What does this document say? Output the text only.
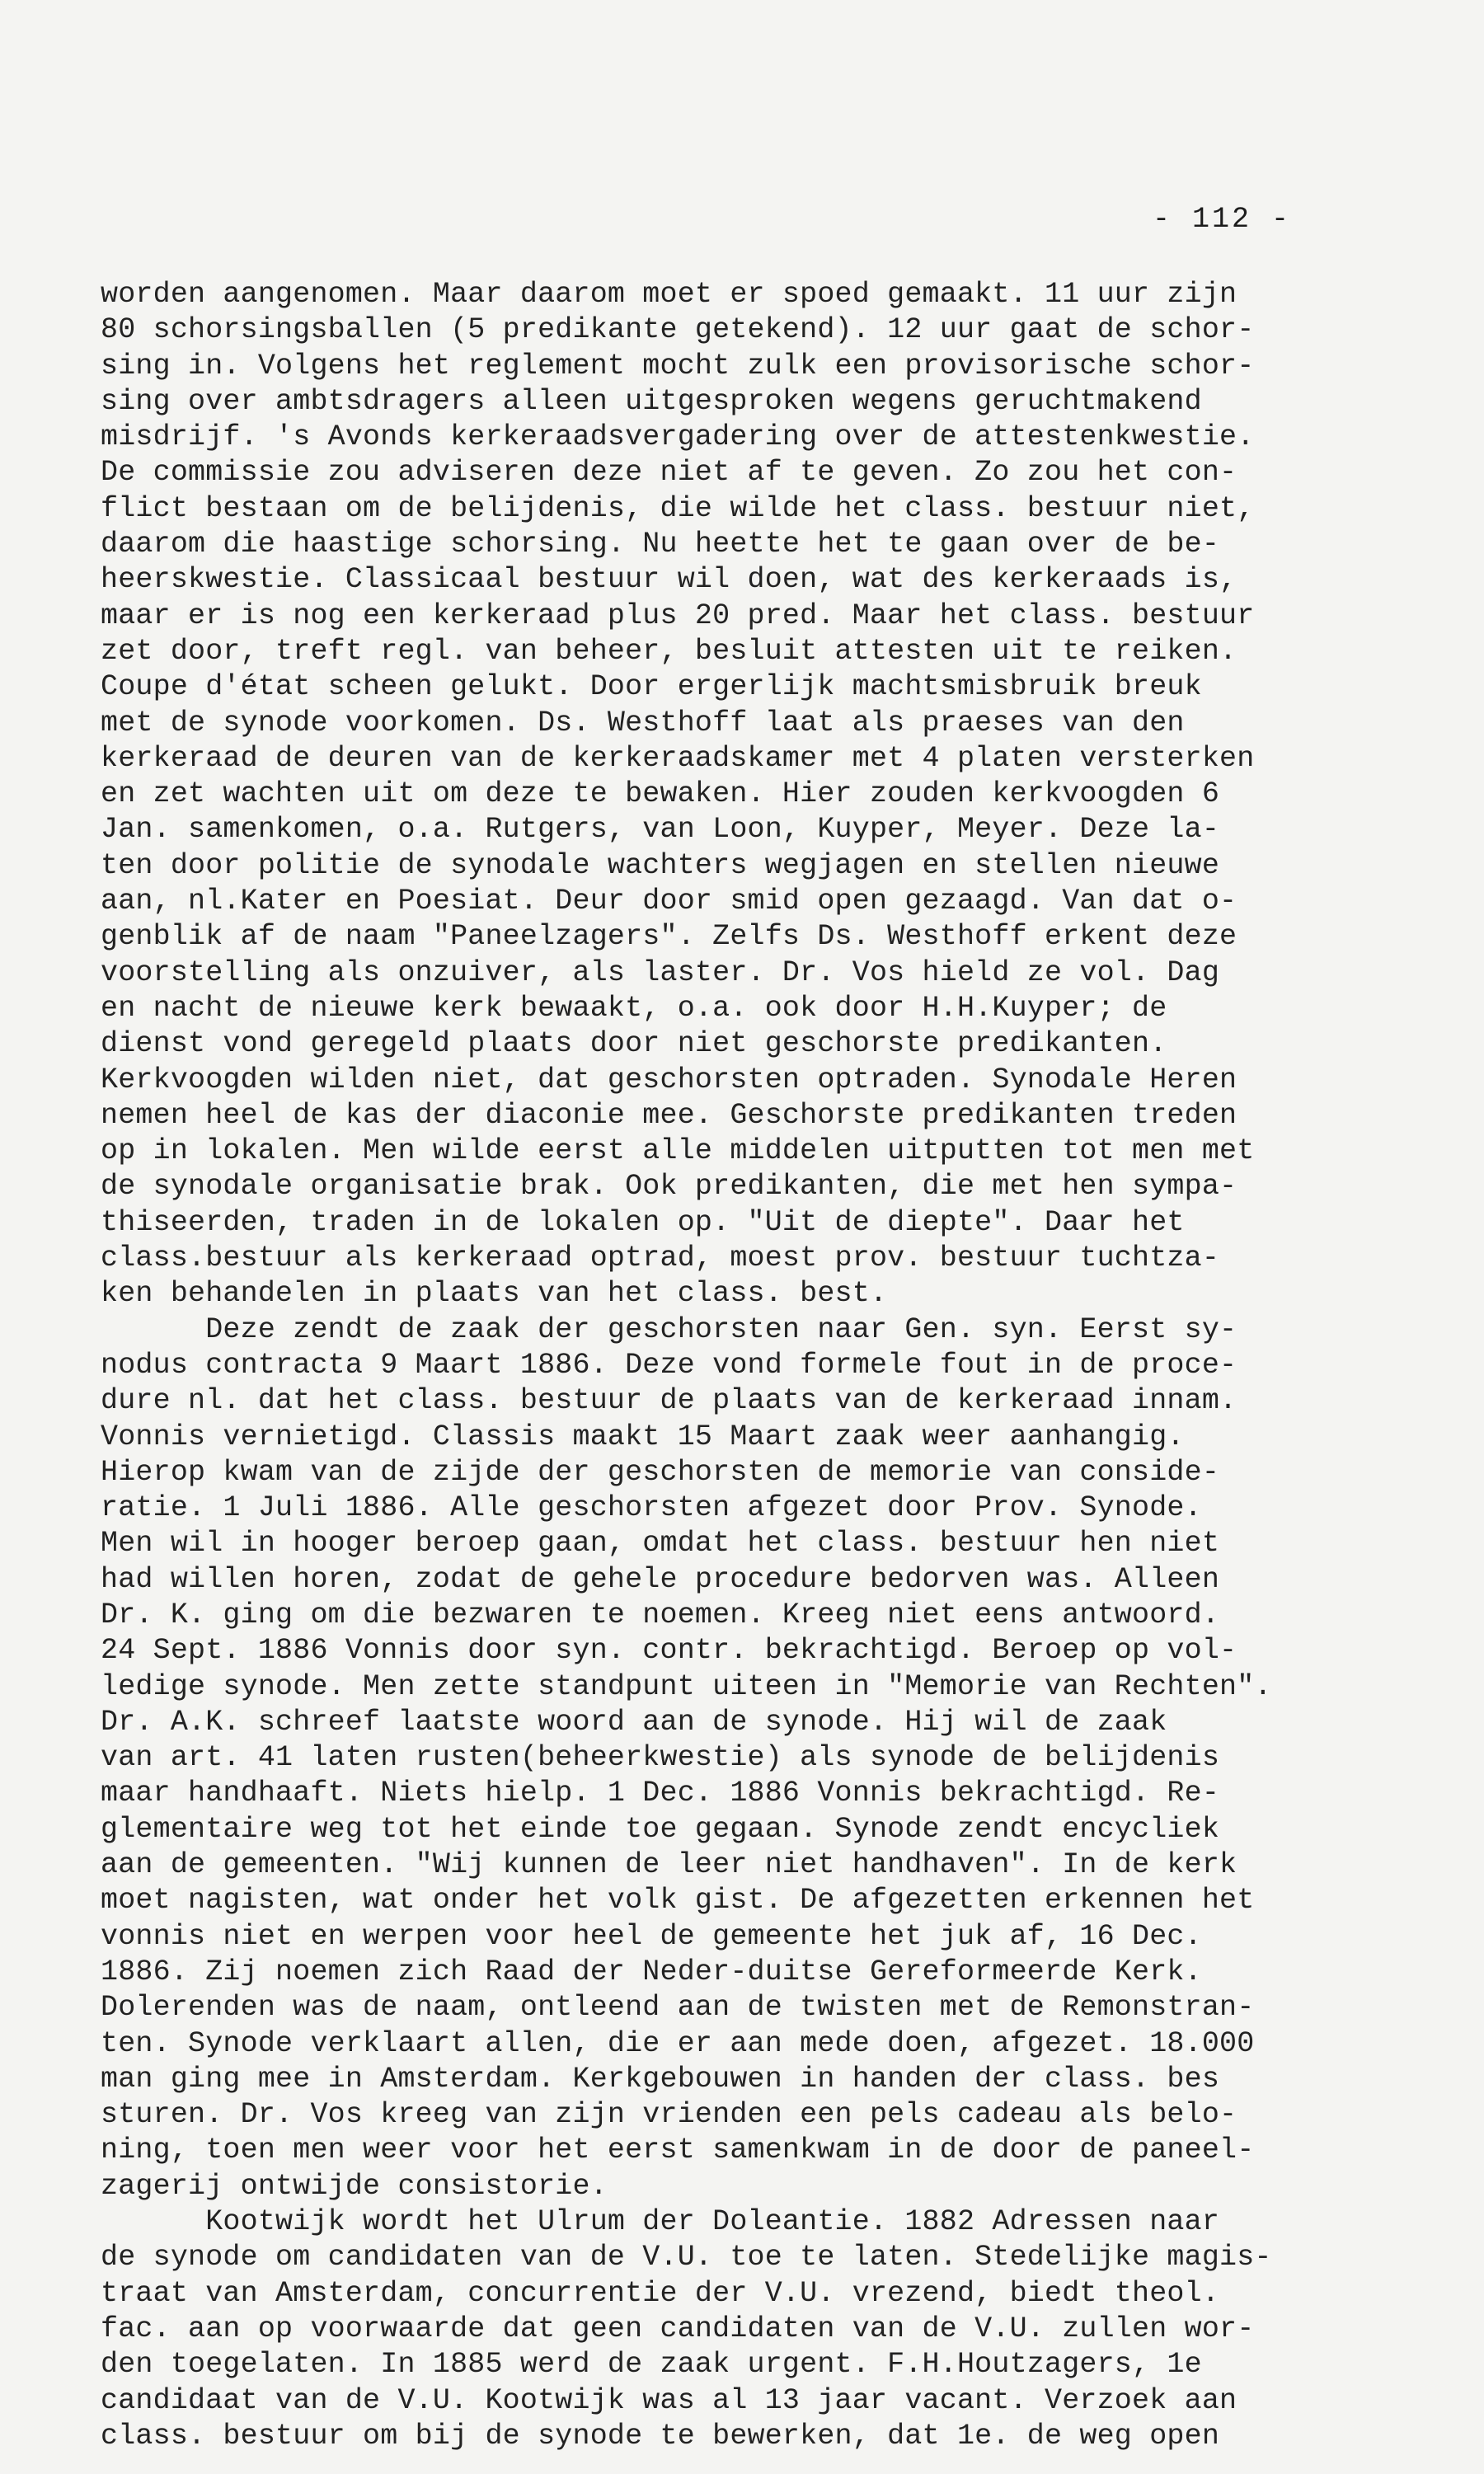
- 112 -
worden aangenomen. Maar daarom moet er spoed gemaakt. 11 uur zijn
80 schorsingsballen (5 predikante getekend). 12 uur gaat de schor-
sing in. Volgens het reglement mocht zulk een provisorische schor-
sing over ambtsdragers alleen uitgesproken wegens geruchtmakend
misdrijf. 's Avonds kerkeraadsvergadering over de attestenkwestie.
De commissie zou adviseren deze niet af te geven. Zo zou het con-
flict bestaan om de belijdenis, die wilde het class. bestuur niet,
daarom die haastige schorsing. Nu heette het te gaan over de be-
heerskwestie. Classicaal bestuur wil doen, wat des kerkeraads is,
maar er is nog een kerkeraad plus 20 pred. Maar het class. bestuur
zet door, treft regl. van beheer, besluit attesten uit te reiken.
Coupe d'état scheen gelukt. Door ergerlijk machtsmisbruik breuk
met de synode voorkomen. Ds. Westhoff laat als praeses van den
kerkeraad de deuren van de kerkeraadskamer met 4 platen versterken
en zet wachten uit om deze te bewaken. Hier zouden kerkvoogden 6
Jan. samenkomen, o.a. Rutgers, van Loon, Kuyper, Meyer. Deze la-
ten door politie de synodale wachters wegjagen en stellen nieuwe
aan, nl.Kater en Poesiat. Deur door smid open gezaagd. Van dat o-
genblik af de naam "Paneelzagers". Zelfs Ds. Westhoff erkent deze
voorstelling als onzuiver, als laster. Dr. Vos hield ze vol. Dag
en nacht de nieuwe kerk bewaakt, o.a. ook door H.H.Kuyper; de
dienst vond geregeld plaats door niet geschorste predikanten.
Kerkvoogden wilden niet, dat geschorsten optraden. Synodale Heren
nemen heel de kas der diaconie mee. Geschorste predikanten treden
op in lokalen. Men wilde eerst alle middelen uitputten tot men met
de synodale organisatie brak. Ook predikanten, die met hen sympa-
thiseerden, traden in de lokalen op. "Uit de diepte". Daar het
class.bestuur als kerkeraad optrad, moest prov. bestuur tuchtza-
ken behandelen in plaats van het class. best.
Deze zendt de zaak der geschorsten naar Gen. syn. Eerst sy-
nodus contracta 9 Maart 1886. Deze vond formele fout in de proce-
dure nl. dat het class. bestuur de plaats van de kerkeraad innam.
Vonnis vernietigd. Classis maakt 15 Maart zaak weer aanhangig.
Hierop kwam van de zijde der geschorsten de memorie van conside-
ratie. 1 Juli 1886. Alle geschorsten afgezet door Prov. Synode.
Men wil in hooger beroep gaan, omdat het class. bestuur hen niet
had willen horen, zodat de gehele procedure bedorven was. Alleen
Dr. K. ging om die bezwaren te noemen. Kreeg niet eens antwoord.
24 Sept. 1886 Vonnis door syn. contr. bekrachtigd. Beroep op vol-
ledige synode. Men zette standpunt uiteen in "Memorie van Rechten".
Dr. A.K. schreef laatste woord aan de synode. Hij wil de zaak
van art. 41 laten rusten(beheerkwestie) als synode de belijdenis
maar handhaaft. Niets hielp. 1 Dec. 1886 Vonnis bekrachtigd. Re-
glementaire weg tot het einde toe gegaan. Synode zendt encycliek
aan de gemeenten. "Wij kunnen de leer niet handhaven". In de kerk
moet nagisten, wat onder het volk gist. De afgezetten erkennen het
vonnis niet en werpen voor heel de gemeente het juk af, 16 Dec.
1886. Zij noemen zich Raad der Neder-duitse Gereformeerde Kerk.
Dolerenden was de naam, ontleend aan de twisten met de Remonstran-
ten. Synode verklaart allen, die er aan mede doen, afgezet. 18.000
man ging mee in Amsterdam. Kerkgebouwen in handen der class. bes
sturen. Dr. Vos kreeg van zijn vrienden een pels cadeau als belo-
ning, toen men weer voor het eerst samenkwam in de door de paneel-
zagerij ontwijde consistorie.
Kootwijk wordt het Ulrum der Doleantie. 1882 Adressen naar
de synode om candidaten van de V.U. toe te laten. Stedelijke magis-
traat van Amsterdam, concurrentie der V.U. vrezend, biedt theol.
fac. aan op voorwaarde dat geen candidaten van de V.U. zullen wor-
den toegelaten. In 1885 werd de zaak urgent. F.H.Houtzagers, 1e
candidaat van de V.U. Kootwijk was al 13 jaar vacant. Verzoek aan
class. bestuur om bij de synode te bewerken, dat 1e. de weg open
